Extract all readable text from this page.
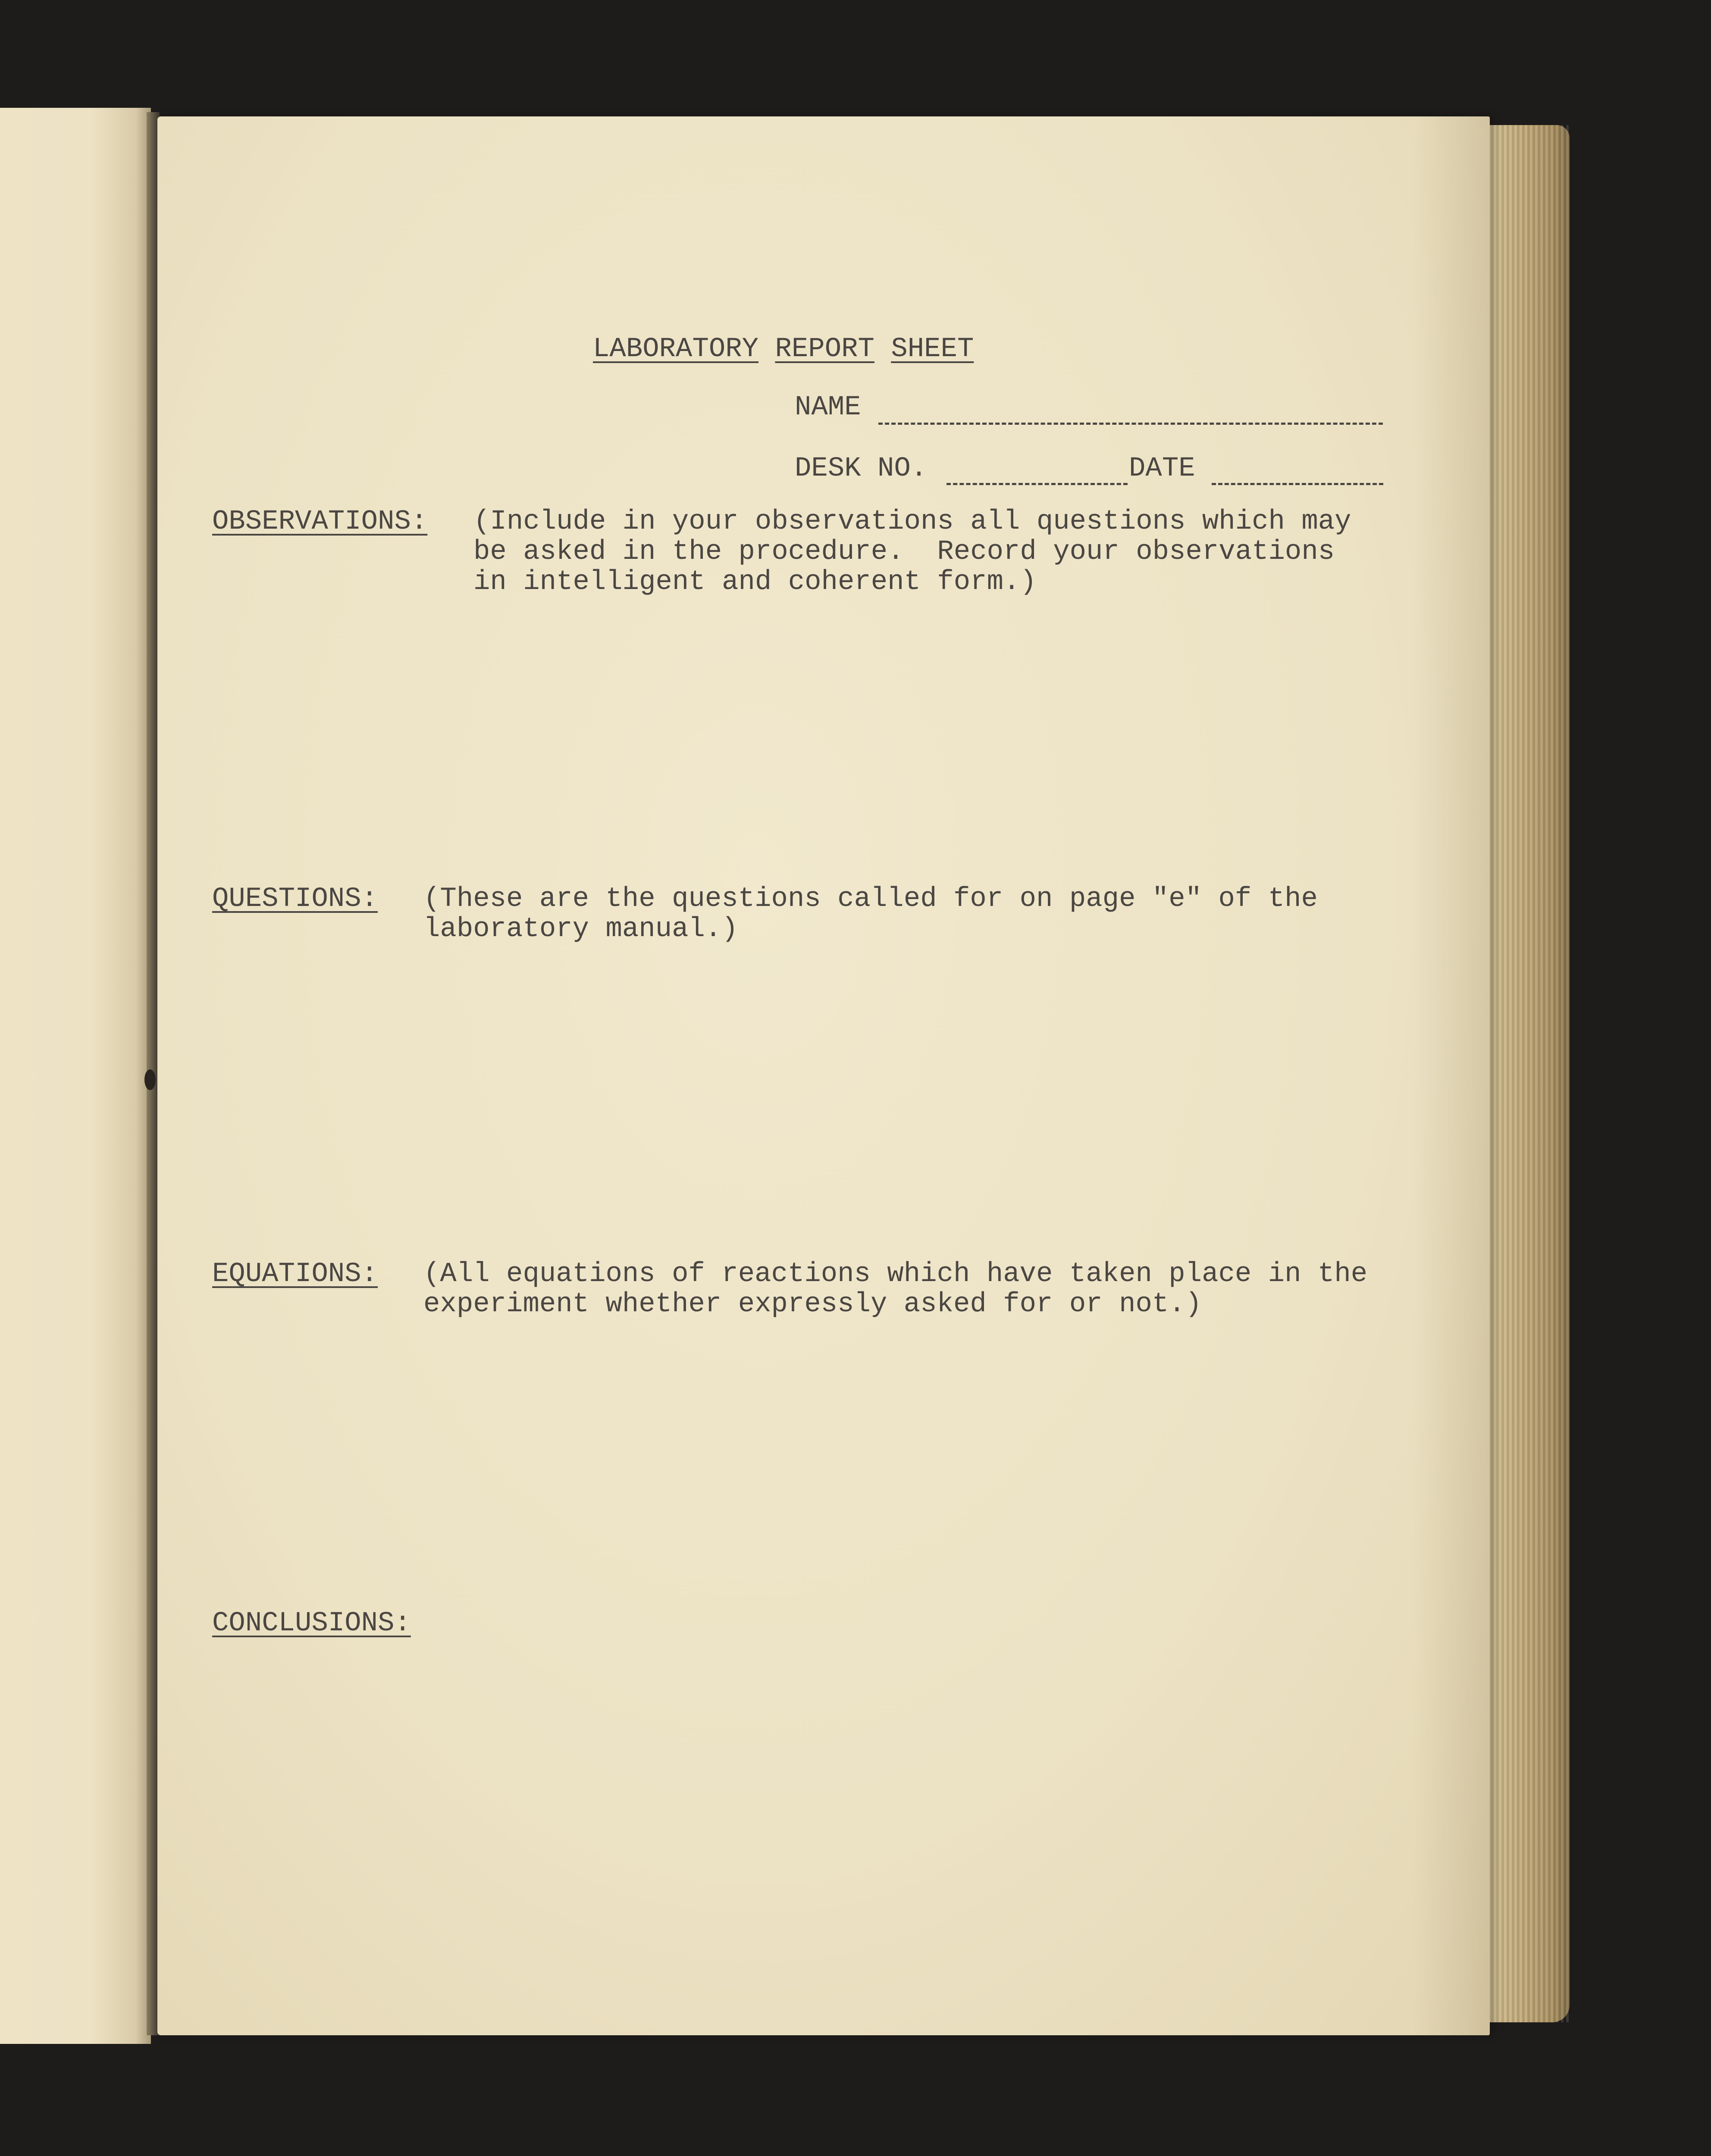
LABORATORY REPORT SHEET
NAME
DESK NO.	DATE
OBSERVATIONS: (Include in your observations all questions which may
be asked in the procedure.  Record your observations
in intelligent and coherent form.)
QUESTIONS: (These are the questions called for on page "e" of the
laboratory manual.)
EQUATIONS: (All equations of reactions which have taken place in the
experiment whether expressly asked for or not.)
CONCLUSIONS:
